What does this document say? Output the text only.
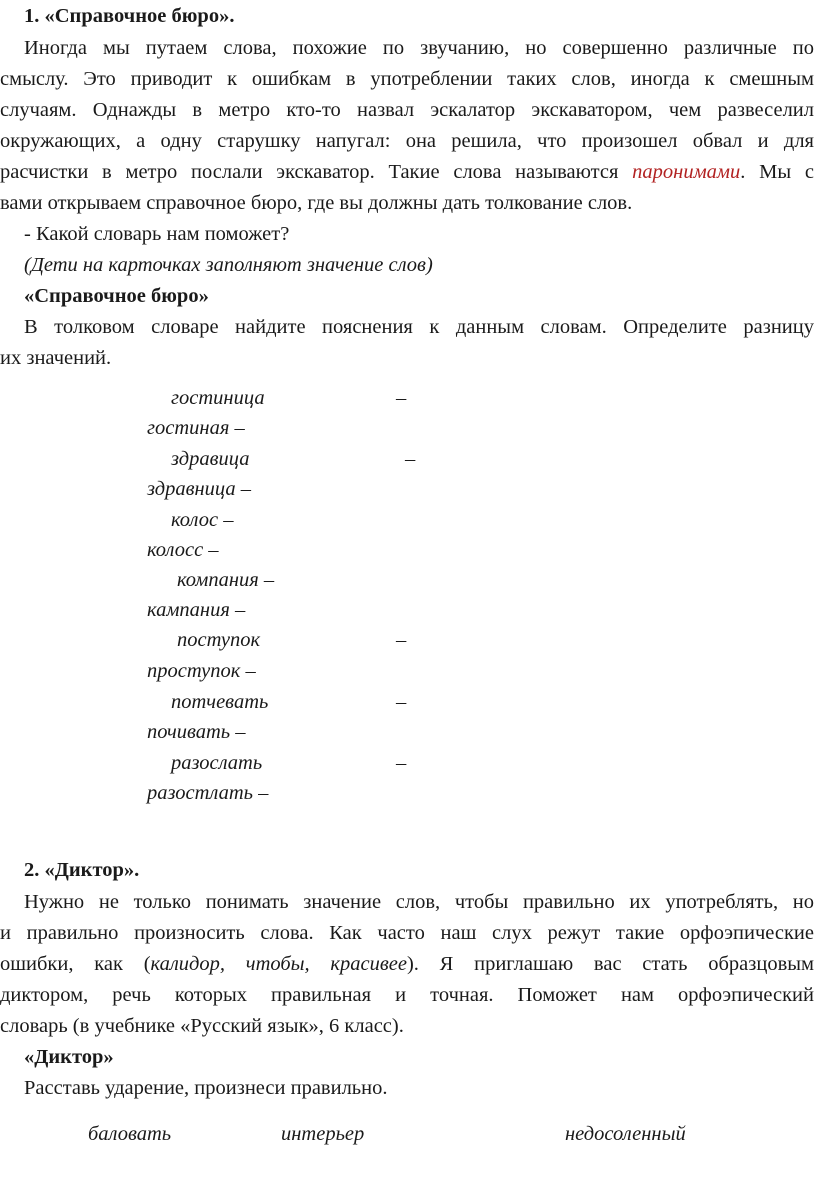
1. «Справочное бюро».
Иногда мы путаем слова, похожие по звучанию, но совершенно различные по
смыслу. Это приводит к ошибкам в употреблении таких слов, иногда к смешным
случаям. Однажды в метро кто-то назвал эскалатор экскаватором, чем развеселил
окружающих, а одну старушку напугал: она решила, что произошел обвал и для
расчистки в метро послали экскаватор. Такие слова называются паронимами. Мы с
вами открываем справочное бюро, где вы должны дать толкование слов.
- Какой словарь нам поможет?
(Дети на карточках заполняют значение слов)
«Справочное бюро»
В толковом словаре найдите пояснения к данным словам. Определите разницу
их значений.
гостиница	–
гостиная –
здравица	–
здравница –
колос –
колосс –
компания –
кампания –
поступок	–
проступок –
потчевать	–
почивать –
разослать	–
разостлать –
2. «Диктор».
Нужно не только понимать значение слов, чтобы правильно их употреблять, но
и правильно произносить слова. Как часто наш слух режут такие орфоэпические
ошибки, как (калидор, чтобы, красивее). Я приглашаю вас стать образцовым
диктором, речь которых правильная и точная. Поможет нам орфоэпический
словарь (в учебнике «Русский язык», 6 класс).
«Диктор»
Расставь ударение, произнеси правильно.
баловать	интерьер	недосоленный
